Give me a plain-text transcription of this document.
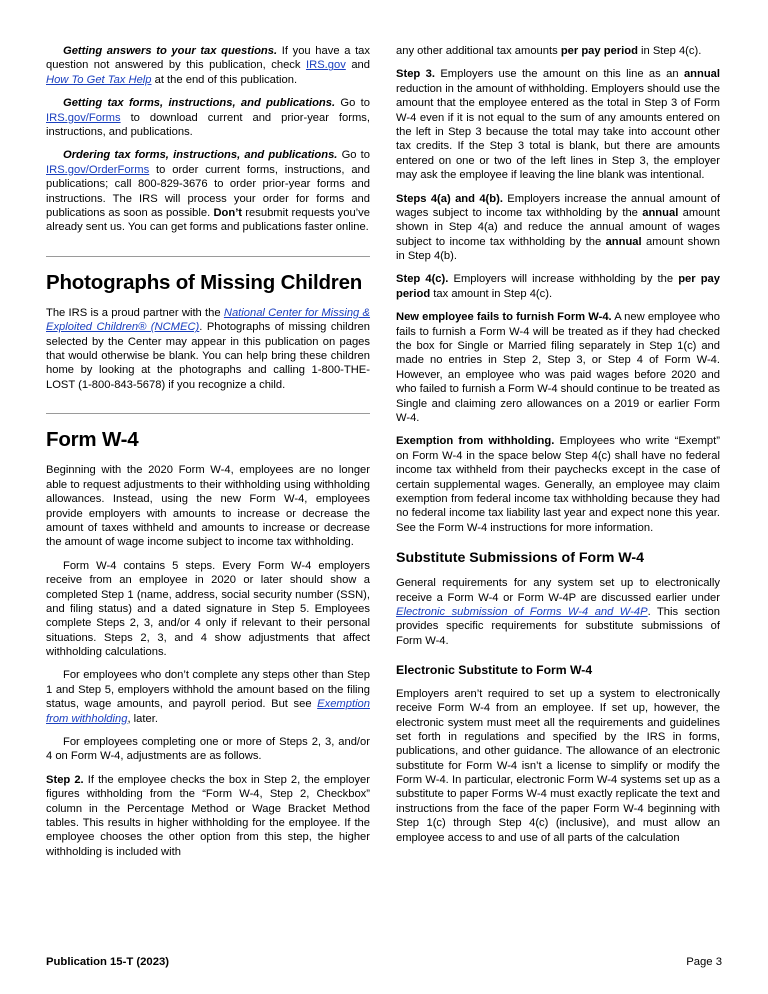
Getting answers to your tax questions. If you have a tax question not answered by this publication, check IRS.gov and How To Get Tax Help at the end of this publication.

Getting tax forms, instructions, and publications. Go to IRS.gov/Forms to download current and prior-year forms, instructions, and publications.

Ordering tax forms, instructions, and publications. Go to IRS.gov/OrderForms to order current forms, instructions, and publications; call 800-829-3676 to order prior-year forms and instructions. The IRS will process your order for forms and publications as soon as possible. Don’t resubmit requests you’ve already sent us. You can get forms and publications faster online.

Photographs of Missing Children

The IRS is a proud partner with the National Center for Missing & Exploited Children® (NCMEC). Photographs of missing children selected by the Center may appear in this publication on pages that would otherwise be blank. You can help bring these children home by looking at the photographs and calling 1-800-THE-LOST (1-800-843-5678) if you recognize a child.

Form W-4

Beginning with the 2020 Form W-4, employees are no longer able to request adjustments to their withholding using withholding allowances. Instead, using the new Form W-4, employees provide employers with amounts to increase or decrease the amount of taxes withheld and amounts to increase or decrease the amount of wage income subject to income tax withholding.

Form W-4 contains 5 steps. Every Form W-4 employers receive from an employee in 2020 or later should show a completed Step 1 (name, address, social security number (SSN), and filing status) and a dated signature in Step 5. Employees complete Steps 2, 3, and/or 4 only if relevant to their personal situations. Steps 2, 3, and 4 show adjustments that affect withholding calculations.

For employees who don’t complete any steps other than Step 1 and Step 5, employers withhold the amount based on the filing status, wage amounts, and payroll period. But see Exemption from withholding, later.

For employees completing one or more of Steps 2, 3, and/or 4 on Form W-4, adjustments are as follows.

Step 2. If the employee checks the box in Step 2, the employer figures withholding from the “Form W-4, Step 2, Checkbox” column in the Percentage Method or Wage Bracket Method tables. This results in higher withholding for the employee. If the employee chooses the other option from this step, the higher withholding is included with

any other additional tax amounts per pay period in Step 4(c).

Step 3. Employers use the amount on this line as an annual reduction in the amount of withholding. Employers should use the amount that the employee entered as the total in Step 3 of Form W-4 even if it is not equal to the sum of any amounts entered on the left in Step 3 because the total may take into account other tax credits. If the Step 3 total is blank, but there are amounts entered on one or two of the left lines in Step 3, the employer may ask the employee if leaving the line blank was intentional.

Steps 4(a) and 4(b). Employers increase the annual amount of wages subject to income tax withholding by the annual amount shown in Step 4(a) and reduce the annual amount of wages subject to income tax withholding by the annual amount shown in Step 4(b).

Step 4(c). Employers will increase withholding by the per pay period tax amount in Step 4(c).

New employee fails to furnish Form W-4. A new employee who fails to furnish a Form W-4 will be treated as if they had checked the box for Single or Married filing separately in Step 1(c) and made no entries in Step 2, Step 3, or Step 4 of Form W-4. However, an employee who was paid wages before 2020 and who failed to furnish a Form W-4 should continue to be treated as Single and claiming zero allowances on a 2019 or earlier Form W-4.

Exemption from withholding. Employees who write “Exempt” on Form W-4 in the space below Step 4(c) shall have no federal income tax withheld from their paychecks except in the case of certain supplemental wages. Generally, an employee may claim exemption from federal income tax withholding because they had no federal income tax liability last year and expect none this year. See the Form W-4 instructions for more information.

Substitute Submissions of Form W-4

General requirements for any system set up to electronically receive a Form W-4 or Form W-4P are discussed earlier under Electronic submission of Forms W-4 and W-4P. This section provides specific requirements for substitute submissions of Form W-4.

Electronic Substitute to Form W-4

Employers aren’t required to set up a system to electronically receive Form W-4 from an employee. If set up, however, the electronic system must meet all the requirements and guidelines set forth in regulations and specified by the IRS in forms, publications, and other guidance. The allowance of an electronic substitute for Form W-4 isn’t a license to simplify or modify the Form W-4. In particular, electronic Form W-4 systems set up as a substitute to paper Forms W-4 must exactly replicate the text and instructions from the face of the paper Form W-4 beginning with Step 1(c) through Step 4(c) (inclusive), and must allow an employee access to and use of all parts of the calculation

Publication 15-T (2023)	Page 3
